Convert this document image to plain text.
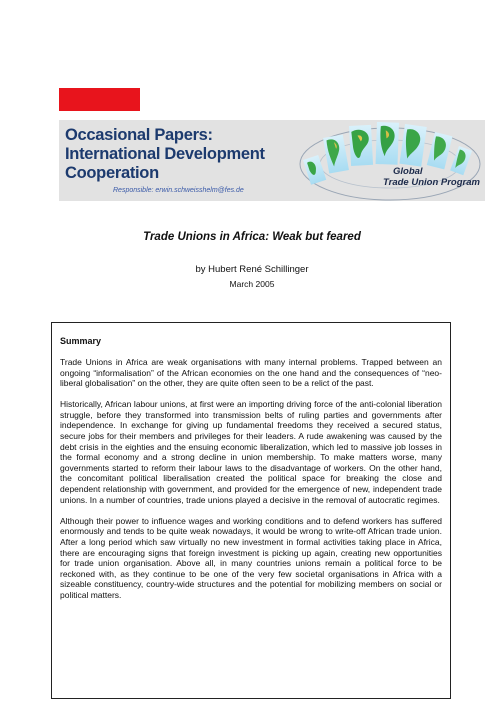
Occasional Papers:
International Development
Cooperation
Responsible: erwin.schweisshelm@fes.de
Global
Trade Union Program
Trade Unions in Africa: Weak but feared
by Hubert René Schillinger
March 2005

Summary

Trade Unions in Africa are weak organisations with many internal problems. Trapped between an ongoing “informalisation” of the African economies on the one hand and the consequences of “neo-liberal globalisation” on the other, they are quite often seen to be a relict of the past.

Historically, African labour unions, at first were an importing driving force of the anti-colonial liberation struggle, before they transformed into transmission belts of ruling parties and governments after independence. In exchange for giving up fundamental freedoms they received a secured status, secure jobs for their members and privileges for their leaders. A rude awakening was caused by the debt crisis in the eighties and the ensuing economic liberalization, which led to massive job losses in the formal economy and a strong decline in union membership. To make matters worse, many governments started to reform their labour laws to the disadvantage of workers. On the other hand, the concomitant political liberalisation created the political space for breaking the close and dependent relationship with government, and provided for the emergence of new, independent trade unions. In a number of countries, trade unions played a decisive in the removal of autocratic regimes.

Although their power to influence wages and working conditions and to defend workers has suffered enormously and tends to be quite weak nowadays, it would be wrong to write-off African trade union. After a long period which saw virtually no new investment in formal activities taking place in Africa, there are encouraging signs that foreign investment is picking up again, creating new opportunities for trade union organisation. Above all, in many countries unions remain a political force to be reckoned with, as they continue to be one of the very few societal organisations in Africa with a sizeable constituency, country-wide structures and the potential for mobilizing members on social or political matters.
